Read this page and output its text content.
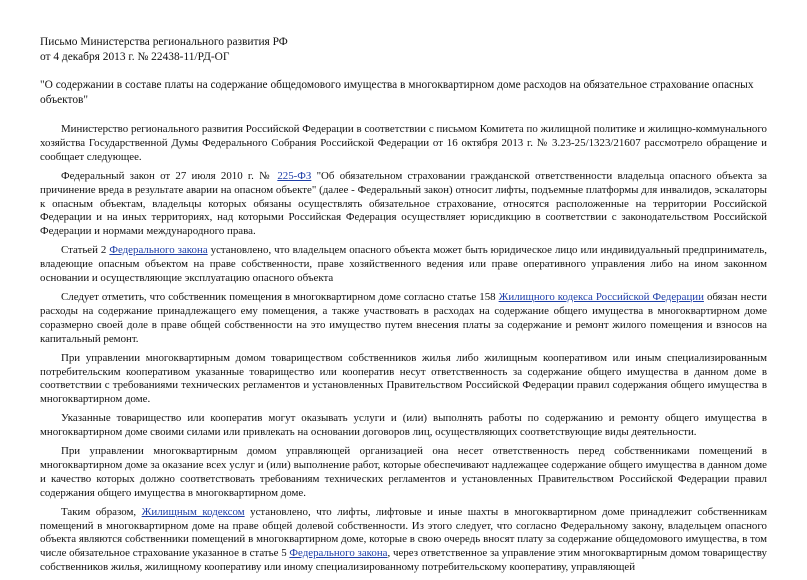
Письмо Министерства регионального развития РФ
от 4 декабря 2013 г. № 22438-11/РД-ОГ
"О содержании в составе платы на содержание общедомового имущества в многоквартирном доме расходов на обязательное страхование опасных объектов"

Министерство регионального развития Российской Федерации в соответствии с письмом Комитета по жилищной политике и жилищно-коммунального хозяйства Государственной Думы Федерального Собрания Российской Федерации от 16 октября 2013 г. № 3.23-25/1323/21607 рассмотрело обращение и сообщает следующее.

Федеральный закон от 27 июля 2010 г. № 225-ФЗ "Об обязательном страховании гражданской ответственности владельца опасного объекта за причинение вреда в результате аварии на опасном объекте" (далее - Федеральный закон) относит лифты, подъемные платформы для инвалидов, эскалаторы к опасным объектам, владельцы которых обязаны осуществлять обязательное страхование, относятся расположенные на территории Российской Федерации и на иных территориях, над которыми Российская Федерация осуществляет юрисдикцию в соответствии с законодательством Российской Федерации и нормами международного права.

Статьей 2 Федерального закона установлено, что владельцем опасного объекта может быть юридическое лицо или индивидуальный предприниматель, владеющие опасным объектом на праве собственности, праве хозяйственного ведения или праве оперативного управления либо на ином законном основании и осуществляющие эксплуатацию опасного объекта

Следует отметить, что собственник помещения в многоквартирном доме согласно статье 158 Жилищного кодекса Российской Федерации обязан нести расходы на содержание принадлежащего ему помещения, а также участвовать в расходах на содержание общего имущества в многоквартирном доме соразмерно своей доле в праве общей собственности на это имущество путем внесения платы за содержание и ремонт жилого помещения и взносов на капитальный ремонт.

При управлении многоквартирным домом товариществом собственников жилья либо жилищным кооперативом или иным специализированным потребительским кооперативом указанные товарищество или кооператив несут ответственность за содержание общего имущества в данном доме в соответствии с требованиями технических регламентов и установленных Правительством Российской Федерации правил содержания общего имущества в многоквартирном доме.

Указанные товарищество или кооператив могут оказывать услуги и (или) выполнять работы по содержанию и ремонту общего имущества в многоквартирном доме своими силами или привлекать на основании договоров лиц, осуществляющих соответствующие виды деятельности.

При управлении многоквартирным домом управляющей организацией она несет ответственность перед собственниками помещений в многоквартирном доме за оказание всех услуг и (или) выполнение работ, которые обеспечивают надлежащее содержание общего имущества в данном доме и качество которых должно соответствовать требованиям технических регламентов и установленных Правительством Российской Федерации правил содержания общего имущества в многоквартирном доме.

Таким образом, Жилищным кодексом установлено, что лифты, лифтовые и иные шахты в многоквартирном доме принадлежит собственникам помещений в многоквартирном доме на праве общей долевой собственности. Из этого следует, что согласно Федеральному закону, владельцем опасного объекта являются собственники помещений в многоквартирном доме, которые в свою очередь вносят плату за содержание общедомового имущества, в том числе обязательное страхование указанное в статье 5 Федерального закона, через ответственное за управление этим многоквартирным домом товариществу собственников жилья, жилищному кооперативу или иному специализированному потребительскому кооперативу, управляющей
